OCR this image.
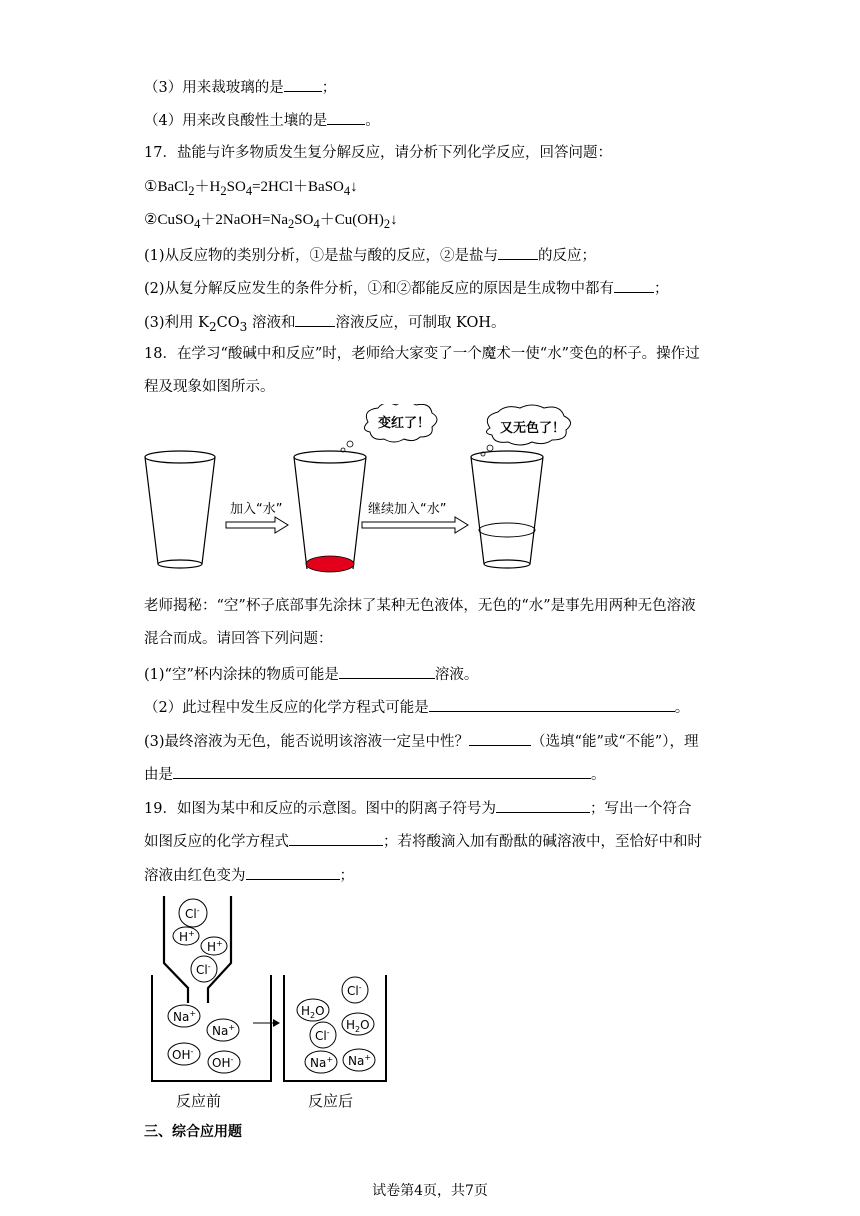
（3）用来裁玻璃的是	；
（4）用来改良酸性土壤的是	。
17．盐能与许多物质发生复分解反应，请分析下列化学反应，回答问题：
$①BaCl_2+H_2SO_4=2HCl+BaSO_4↓$
$②CuSO_4+2NaOH=Na_2SO_4+Cu(OH)_2↓$
(1)从反应物的类别分析，①是盐与酸的反应，②是盐与	的反应；
(2)从复分解反应发生的条件分析，①和②都能反应的原因是生成物中都有	；
(3)利用 $K_2CO_3$ 溶液和	溶液反应，可制取 KOH。
18．在学习“酸碱中和反应”时，老师给大家变了一个魔术一使“水”变色的杯子。操作过
程及现象如图所示。
加入“水”
变红了！
继续加入“水”
又无色了！
老师揭秘：“空”杯子底部事先涂抹了某种无色液体，无色的“水”是事先用两种无色溶液
混合而成。请回答下列问题：
(1)“空”杯内涂抹的物质可能是	溶液。
（2）此过程中发生反应的化学方程式可能是	。
(3)最终溶液为无色，能否说明该溶液一定呈中性？	（选填“能”或“不能”），理
由是	。
19．如图为某中和反应的示意图。图中的阴离子符号为	；写出一个符合
如图反应的化学方程式	；若将酸滴入加有酚酞的碱溶液中，至恰好中和时
溶液由红色变为	；
Cl-
H+
H+
Cl-
Na+
Na+
OH-
OH-
$H_2O$
Cl-
$H_2O$
Cl-
Na+ Na+
反应前	反应后
三、综合应用题
试卷第4页，共7页
